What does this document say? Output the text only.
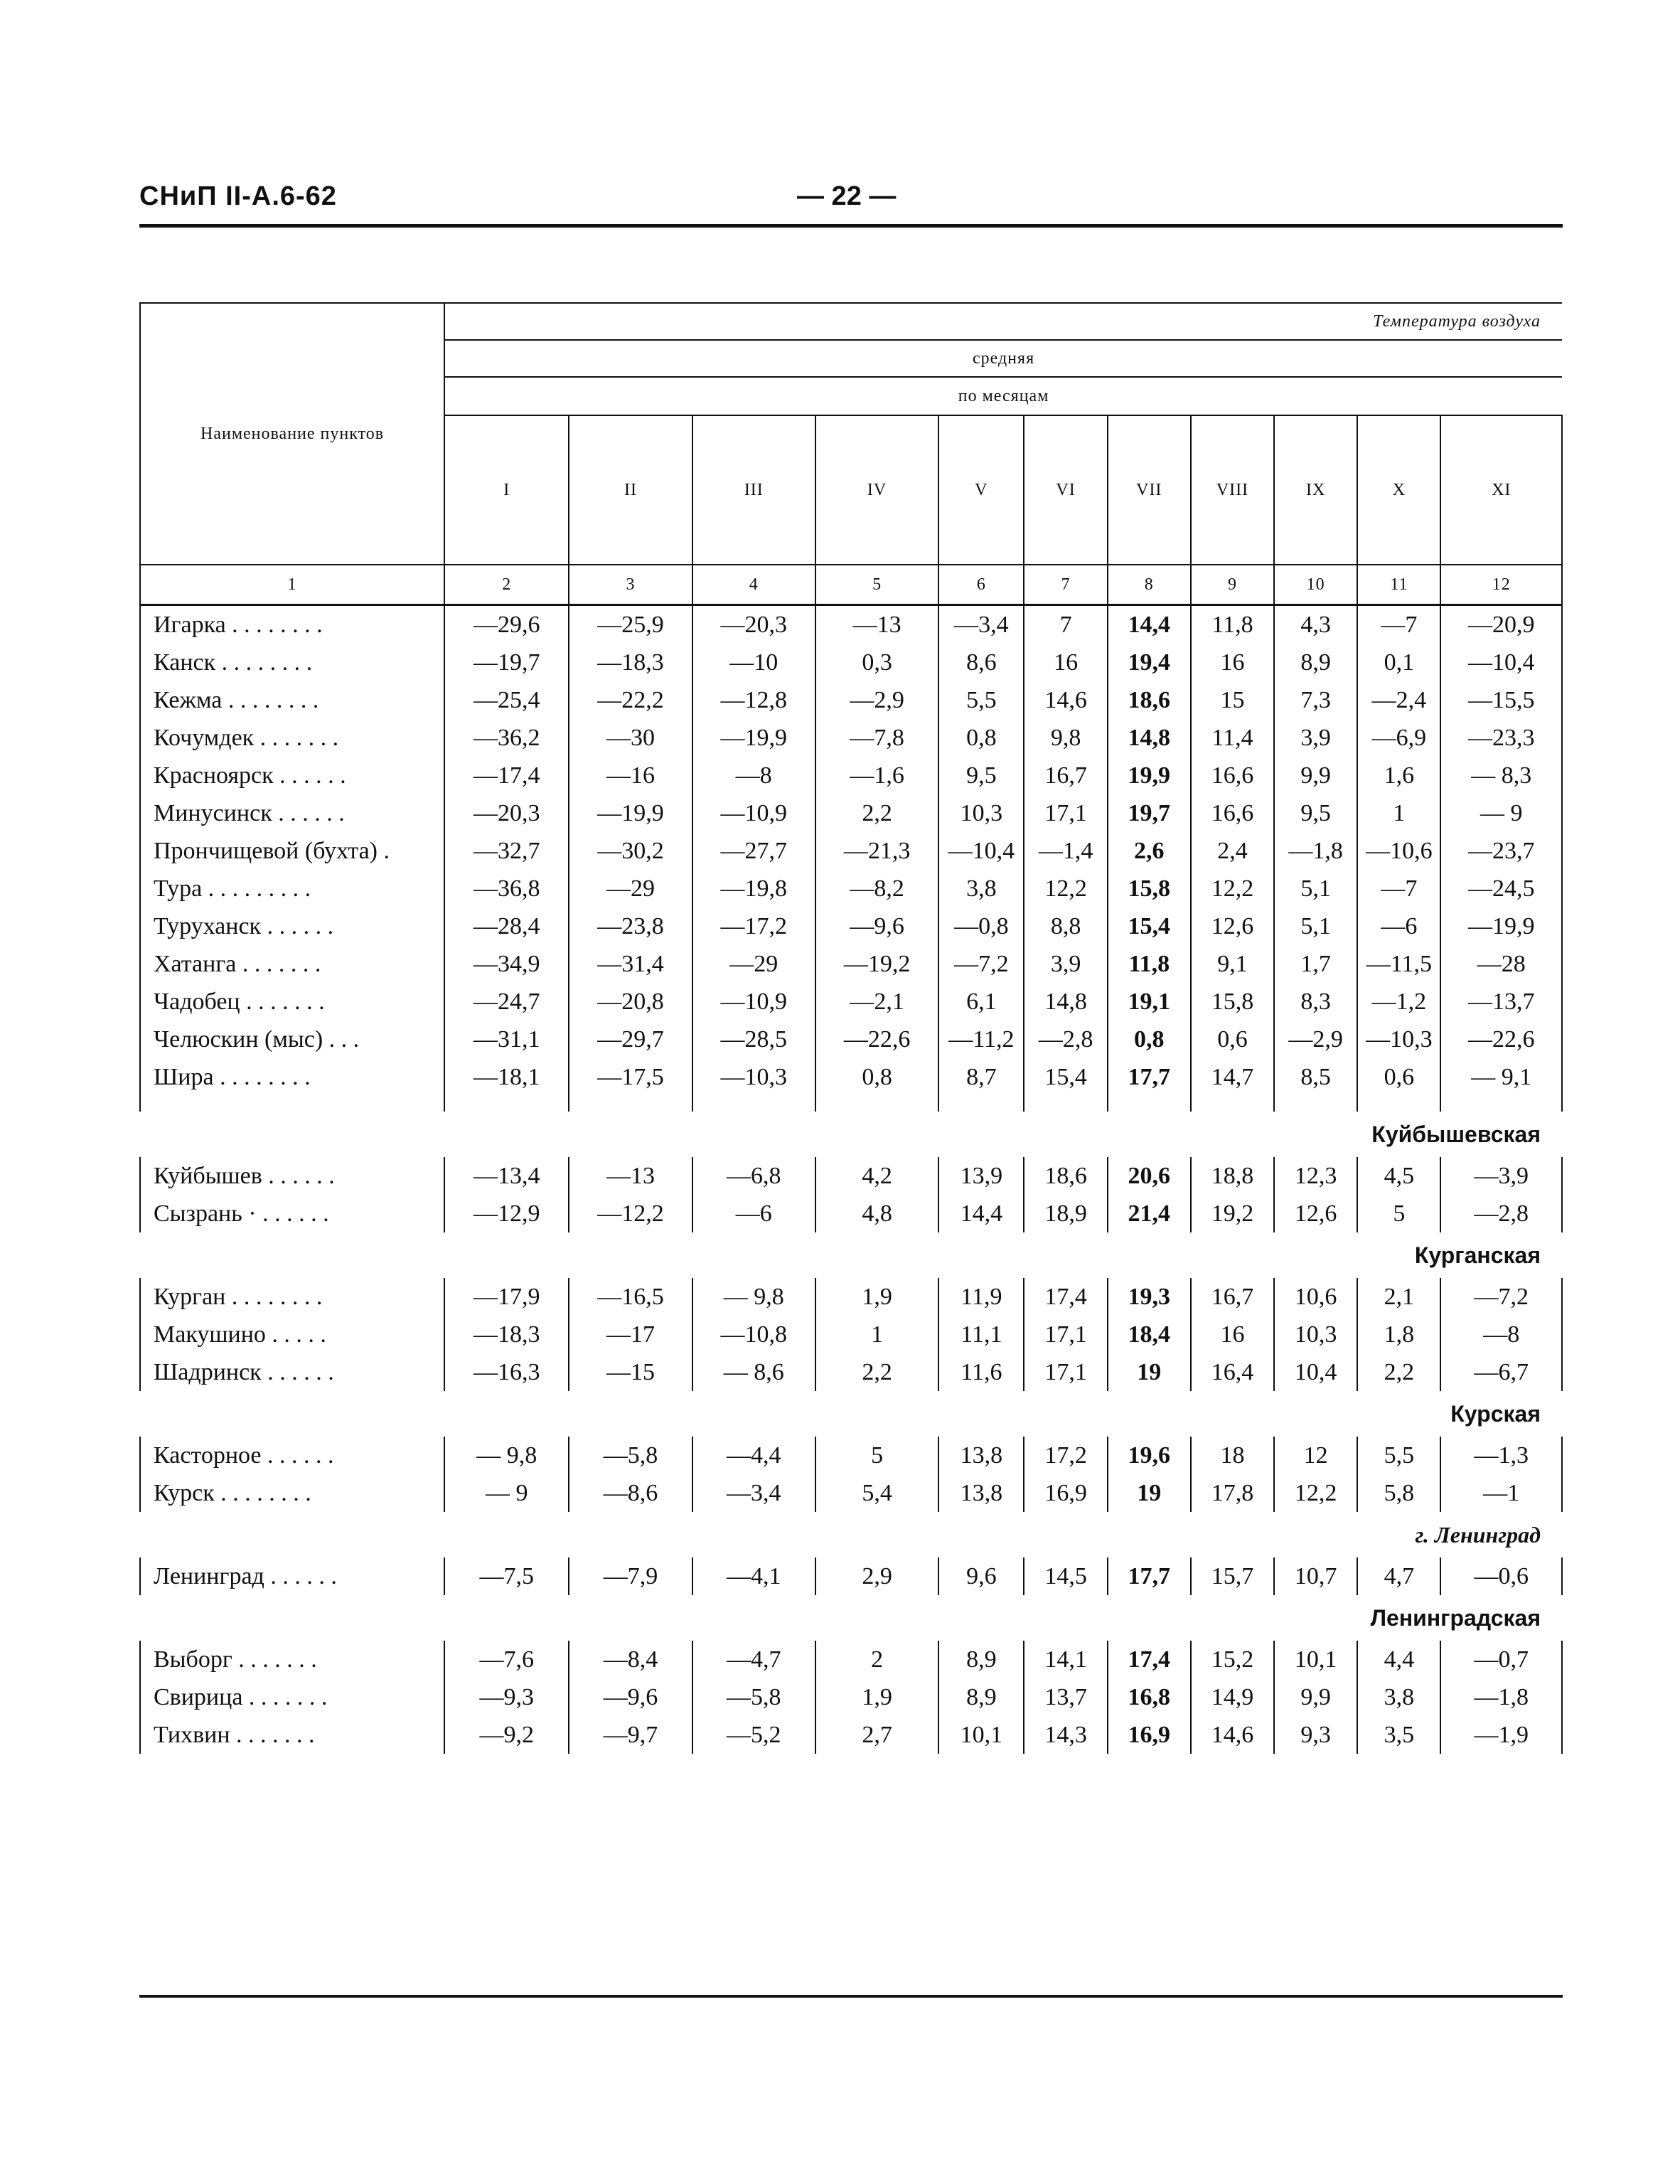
СНиП II-А.6-62	— 22 —
Наименование пунктов	Температура воздуха										
	средняя										
	по месяцам										
	I	II	III	IV	V	VI	VII	VIII	IX	X	XI
1	2	3	4	5	6	7	8	9	10	11	12
Игарка . . . . . . . .	—29,6	—25,9	—20,3	—13	—3,4	7	14,4	11,8	4,3	—7	—20,9
Канск . . . . . . . .	—19,7	—18,3	—10	0,3	8,6	16	19,4	16	8,9	0,1	—10,4
Кежма . . . . . . . .	—25,4	—22,2	—12,8	—2,9	5,5	14,6	18,6	15	7,3	—2,4	—15,5
Кочумдек . . . . . . .	—36,2	—30	—19,9	—7,8	0,8	9,8	14,8	11,4	3,9	—6,9	—23,3
Красноярск . . . . . .	—17,4	—16	—8	—1,6	9,5	16,7	19,9	16,6	9,9	1,6	— 8,3
Минусинск . . . . . .	—20,3	—19,9	—10,9	2,2	10,3	17,1	19,7	16,6	9,5	1	— 9
Прончищевой (бухта) .	—32,7	—30,2	—27,7	—21,3	—10,4	—1,4	2,6	2,4	—1,8	—10,6	—23,7
Тура . . . . . . . . .	—36,8	—29	—19,8	—8,2	3,8	12,2	15,8	12,2	5,1	—7	—24,5
Туруханск . . . . . .	—28,4	—23,8	—17,2	—9,6	—0,8	8,8	15,4	12,6	5,1	—6	—19,9
Хатанга . . . . . . .	—34,9	—31,4	—29	—19,2	—7,2	3,9	11,8	9,1	1,7	—11,5	—28
Чадобец . . . . . . .	—24,7	—20,8	—10,9	—2,1	6,1	14,8	19,1	15,8	8,3	—1,2	—13,7
Челюскин (мыс) . . .	—31,1	—29,7	—28,5	—22,6	—11,2	—2,8	0,8	0,6	—2,9	—10,3	—22,6
Шира . . . . . . . .	—18,1	—17,5	—10,3	0,8	8,7	15,4	17,7	14,7	8,5	0,6	— 9,1

Куйбышевская											
Куйбышев . . . . . .	—13,4	—13	—6,8	4,2	13,9	18,6	20,6	18,8	12,3	4,5	—3,9
Сызрань · . . . . . .	—12,9	—12,2	—6	4,8	14,4	18,9	21,4	19,2	12,6	5	—2,8
Курганская											
Курган . . . . . . . .	—17,9	—16,5	— 9,8	1,9	11,9	17,4	19,3	16,7	10,6	2,1	—7,2
Макушино . . . . .	—18,3	—17	—10,8	1	11,1	17,1	18,4	16	10,3	1,8	—8
Шадринск . . . . . .	—16,3	—15	— 8,6	2,2	11,6	17,1	19	16,4	10,4	2,2	—6,7
Курская											
Касторное . . . . . .	— 9,8	—5,8	—4,4	5	13,8	17,2	19,6	18	12	5,5	—1,3
Курск . . . . . . . .	— 9	—8,6	—3,4	5,4	13,8	16,9	19	17,8	12,2	5,8	—1
г. Ленинград											
Ленинград . . . . . .	—7,5	—7,9	—4,1	2,9	9,6	14,5	17,7	15,7	10,7	4,7	—0,6
Ленинградская											
Выборг . . . . . . .	—7,6	—8,4	—4,7	2	8,9	14,1	17,4	15,2	10,1	4,4	—0,7
Свирица . . . . . . .	—9,3	—9,6	—5,8	1,9	8,9	13,7	16,8	14,9	9,9	3,8	—1,8
Тихвин . . . . . . .	—9,2	—9,7	—5,2	2,7	10,1	14,3	16,9	14,6	9,3	3,5	—1,9
